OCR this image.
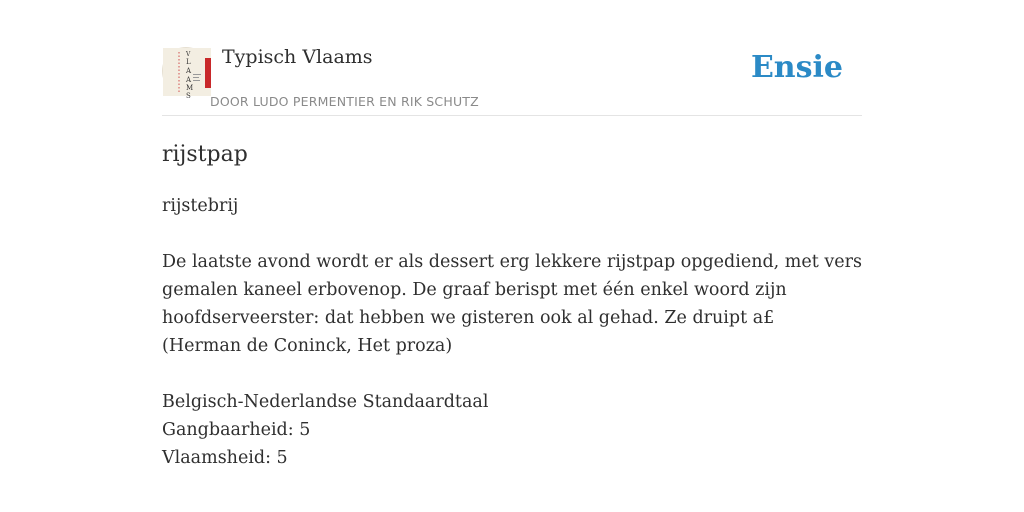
V
L
A
A
M
S
Typisch Vlaams
DOOR LUDO PERMENTIER EN RIK SCHUTZ
Ensie
rijstpap

rijstebrij

De laatste avond wordt er als dessert erg lekkere rijstpap opgediend, met vers
gemalen kaneel erbovenop. De graaf berispt met één enkel woord zijn
hoofdserveerster: dat hebben we gisteren ook al gehad. Ze druipt a£
(Herman de Coninck, Het proza)
Belgisch-Nederlandse Standaardtaal
Gangbaarheid: 5
Vlaamsheid: 5
